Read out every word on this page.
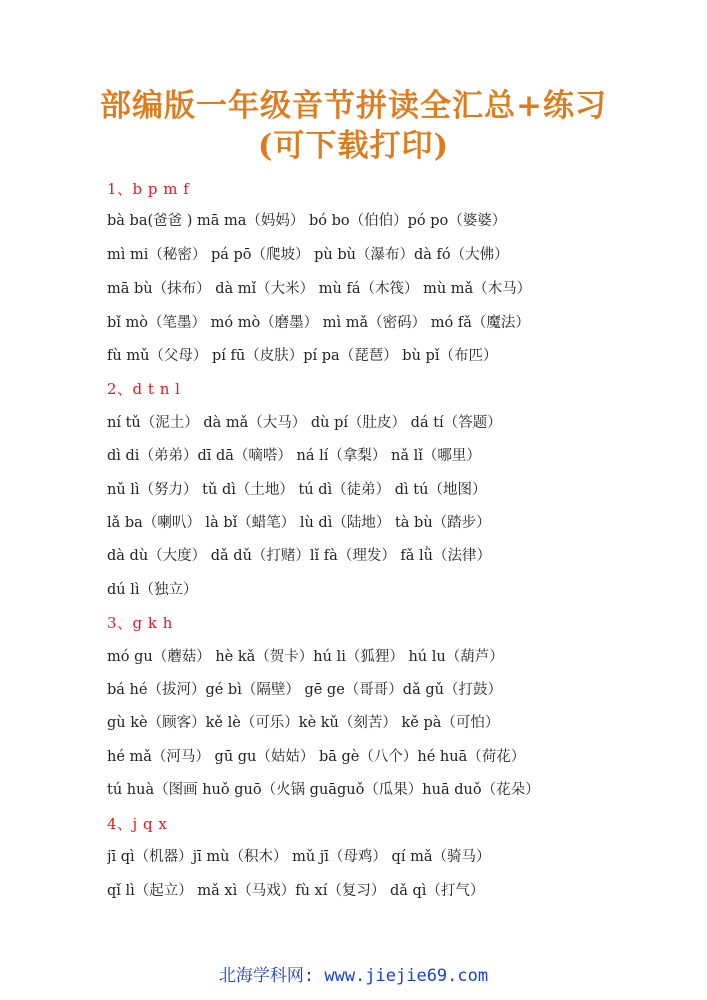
部编版一年级音节拼读全汇总+练习
(可下载打印)
1、b p m f
bà ba(爸爸 ) mā ma（妈妈） bó bo（伯伯）pó po（婆婆）
mì mi（秘密） pá pō（爬坡） pù bù（瀑布）dà fó（大佛）
mā bù（抹布） dà mǐ（大米） mù fá（木筏） mù mǎ（木马）
bǐ mò（笔墨） mó mò（磨墨） mì mǎ（密码） mó fǎ（魔法）
fù mǔ（父母） pí fū（皮肤）pí pa（琵琶） bù pǐ（布匹）
2、d t n l
ní tǔ（泥土） dà mǎ（大马） dù pí（肚皮） dá tí（答题）
dì di（弟弟）dī dā（嘀嗒） ná lí（拿梨） nǎ lǐ（哪里）
nǔ lì（努力） tǔ dì（土地） tú dì（徒弟） dì tú（地图）
lǎ ba（喇叭） là bǐ（蜡笔） lù dì（陆地） tà bù（踏步）
dà dù（大度） dǎ dǔ（打赌）lǐ fà（理发） fǎ lǜ（法律）
dú lì（独立）
3、g k h
mó gu（蘑菇） hè kǎ（贺卡）hú li（狐狸） hú lu（葫芦）
bá hé（拔河）gé bì（隔壁） gē ge（哥哥）dǎ gǔ（打鼓）
gù kè（顾客）kě lè（可乐）kè kǔ（刻苦） kě pà（可怕）
hé mǎ（河马） gū gu（姑姑） bā gè（八个）hé huā（荷花）
tú huà（图画 huǒ guō（火锅 guāguǒ（瓜果）huā duǒ（花朵）
4、j q x
jī qì（机器）jī mù（积木） mǔ jī（母鸡） qí mǎ（骑马）
qǐ lì（起立） mǎ xì（马戏）fù xí（复习） dǎ qì（打气）
北海学科网: www.jiejie69.com
